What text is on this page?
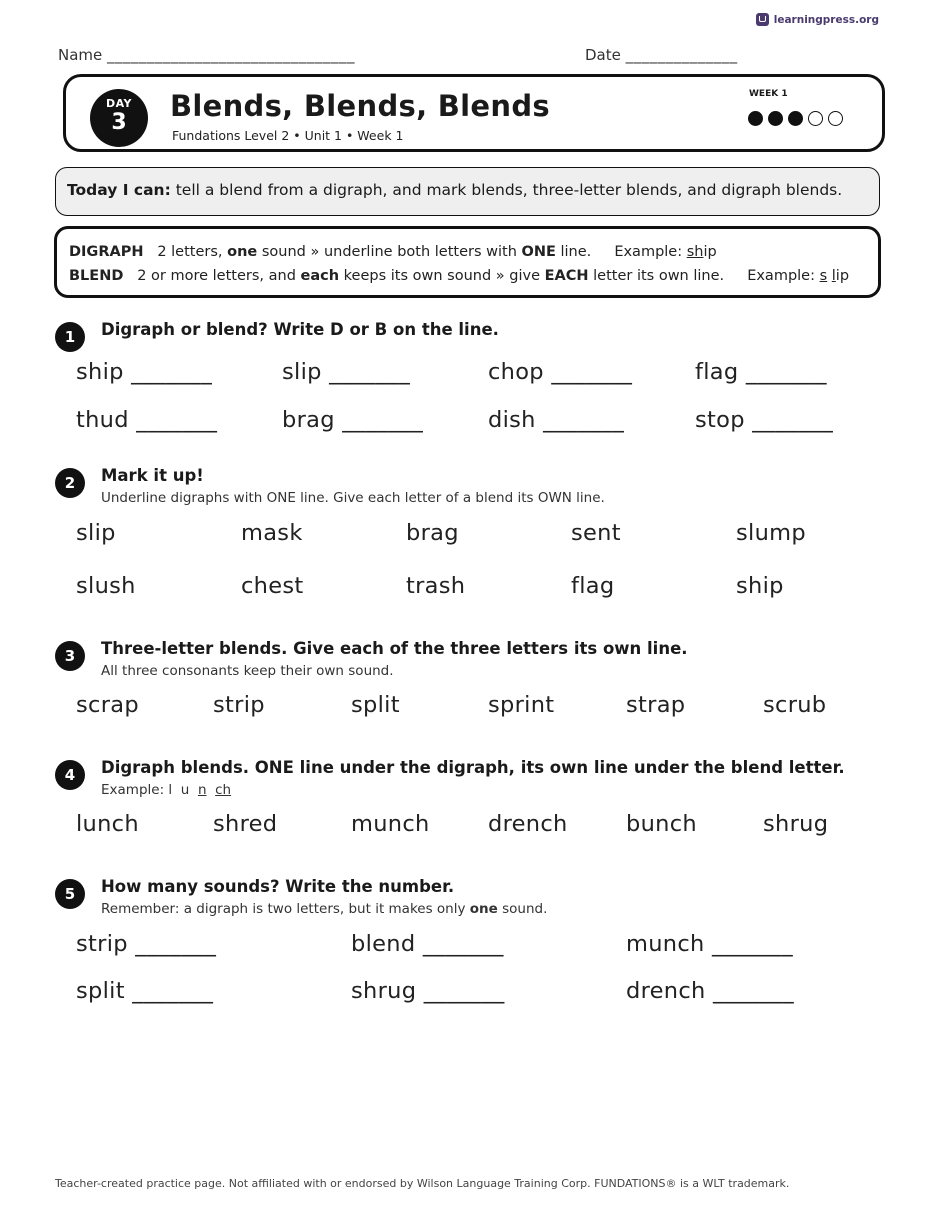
learningpress.org
Name _______________________________	Date ______________
DAY
3	Blends, Blends, Blends
Fundations Level 2 • Unit 1 • Week 1
WEEK 1
Today I can: tell a blend from a digraph, and mark blends, three-letter blends, and digraph blends.
DIGRAPH 2 letters, one sound » underline both letters with ONE line. Example: ship
BLEND 2 or more letters, and each keeps its own sound » give EACH letter its own line. Example: s lip
1	Digraph or blend? Write D or B on the line.
ship _______	slip _______	chop _______	flag _______
thud _______	brag _______	dish _______	stop _______
2	Mark it up!
Underline digraphs with ONE line. Give each letter of a blend its OWN line.
slip	mask	brag	sent	slump
slush	chest	trash	flag	ship
3	Three-letter blends. Give each of the three letters its own line.
All three consonants keep their own sound.
scrap	strip	split	sprint	strap	scrub
4	Digraph blends. ONE line under the digraph, its own line under the blend letter.
Example: l u n ch
lunch	shred	munch	drench	bunch	shrug
5	How many sounds? Write the number.
Remember: a digraph is two letters, but it makes only one sound.
strip _______	blend _______	munch _______
split _______	shrug _______	drench _______
Teacher-created practice page. Not affiliated with or endorsed by Wilson Language Training Corp. FUNDATIONS® is a WLT trademark.
